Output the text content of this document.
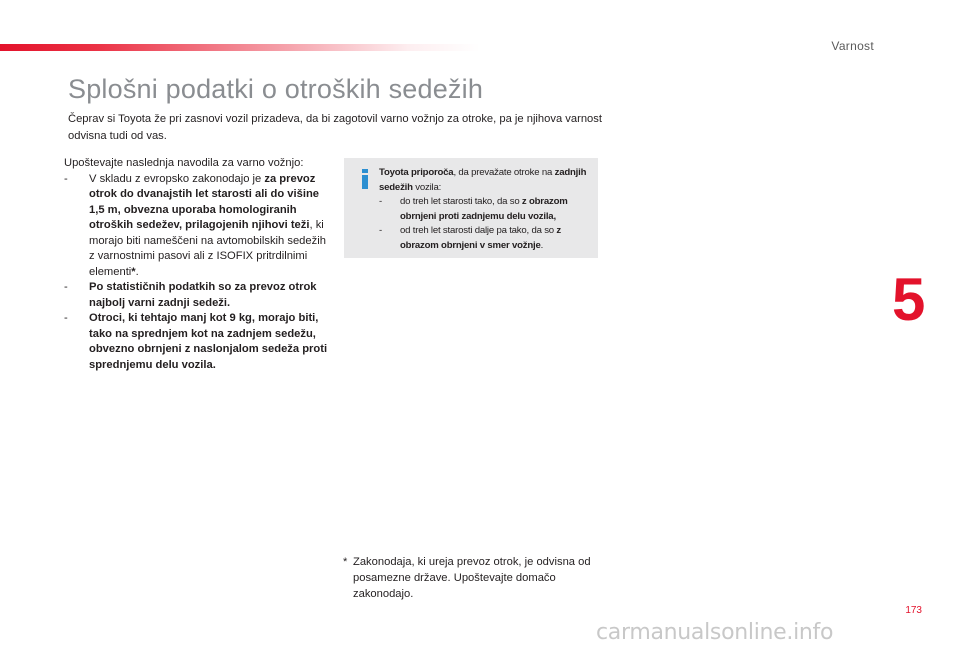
Varnost
5
Splošni podatki o otroških sedežih
Čeprav si Toyota že pri zasnovi vozil prizadeva, da bi zagotovil varno vožnjo za otroke, pa je njihova varnost odvisna tudi od vas.

Upoštevajte naslednja navodila za varno vožnjo:

- V skladu z evropsko zakonodajo je za prevoz otrok do dvanajstih let starosti ali do višine 1,5 m, obvezna uporaba homologiranih otroških sedežev, prilagojenih njihovi teži, ki morajo biti nameščeni na avtomobilskih sedežih z varnostnimi pasovi ali z ISOFIX pritrdilnimi elementi*.
- Po statističnih podatkih so za prevoz otrok najbolj varni zadnji sedeži.
- Otroci, ki tehtajo manj kot 9 kg, morajo biti, tako na sprednjem kot na zadnjem sedežu, obvezno obrnjeni z naslonjalom sedeža proti sprednjemu delu vozila.

Toyota priporoča, da prevažate otroke na zadnjih sedežih vozila:

- do treh let starosti tako, da so z obrazom obrnjeni proti zadnjemu delu vozila,
- od treh let starosti dalje pa tako, da so z obrazom obrnjeni v smer vožnje.
* Zakonodaja, ki ureja prevoz otrok, je odvisna od posamezne države. Upoštevajte domačo zakonodajo.
173
carmanualsonline.info
